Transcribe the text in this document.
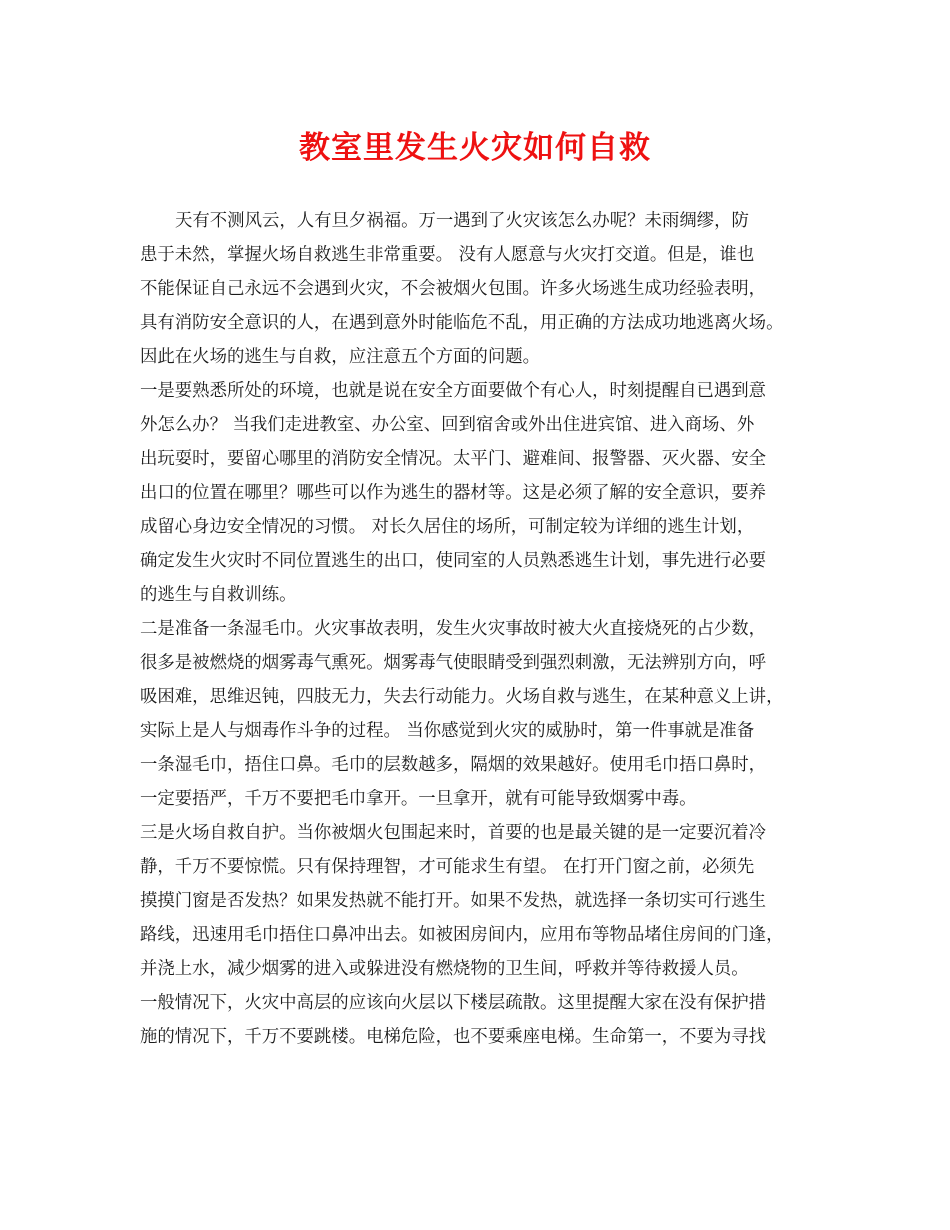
教室里发生火灾如何自救
天有不测风云，人有旦夕祸福。万一遇到了火灾该怎么办呢？未雨绸缪，防
患于未然，掌握火场自救逃生非常重要。 没有人愿意与火灾打交道。但是，谁也
不能保证自己永远不会遇到火灾，不会被烟火包围。许多火场逃生成功经验表明，
具有消防安全意识的人，在遇到意外时能临危不乱，用正确的方法成功地逃离火场。
因此在火场的逃生与自救，应注意五个方面的问题。
一是要熟悉所处的环境，也就是说在安全方面要做个有心人，时刻提醒自已遇到意
外怎么办？ 当我们走进教室、办公室、回到宿舍或外出住进宾馆、进入商场、外
出玩耍时，要留心哪里的消防安全情况。太平门、避难间、报警器、灭火器、安全
出口的位置在哪里？哪些可以作为逃生的器材等。这是必须了解的安全意识，要养
成留心身边安全情况的习惯。 对长久居住的场所，可制定较为详细的逃生计划，
确定发生火灾时不同位置逃生的出口，使同室的人员熟悉逃生计划，事先进行必要
的逃生与自救训练。
二是准备一条湿毛巾。火灾事故表明，发生火灾事故时被大火直接烧死的占少数，
很多是被燃烧的烟雾毒气熏死。烟雾毒气使眼睛受到强烈刺激，无法辨别方向，呼
吸困难，思维迟钝，四肢无力，失去行动能力。火场自救与逃生，在某种意义上讲，
实际上是人与烟毒作斗争的过程。 当你感觉到火灾的威胁时，第一件事就是准备
一条湿毛巾，捂住口鼻。毛巾的层数越多，隔烟的效果越好。使用毛巾捂口鼻时，
一定要捂严，千万不要把毛巾拿开。一旦拿开，就有可能导致烟雾中毒。
三是火场自救自护。当你被烟火包围起来时，首要的也是最关键的是一定要沉着冷
静，千万不要惊慌。只有保持理智，才可能求生有望。 在打开门窗之前，必须先
摸摸门窗是否发热？如果发热就不能打开。如果不发热，就选择一条切实可行逃生
路线，迅速用毛巾捂住口鼻冲出去。如被困房间内，应用布等物品堵住房间的门逢，
并浇上水，减少烟雾的进入或躲进没有燃烧物的卫生间，呼救并等待救援人员。
一般情况下，火灾中高层的应该向火层以下楼层疏散。这里提醒大家在没有保护措
施的情况下，千万不要跳楼。电梯危险，也不要乘座电梯。生命第一，不要为寻找
